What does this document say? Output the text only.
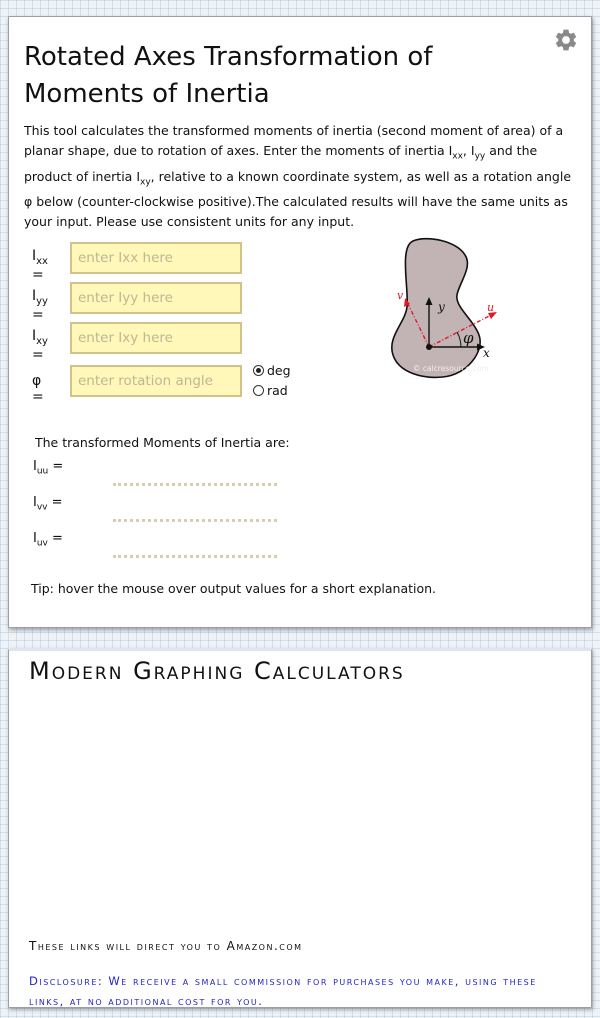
Rotated Axes Transformation of Moments of Inertia

This tool calculates the transformed moments of inertia (second moment of area) of a planar shape, due to rotation of axes. Enter the moments of inertia $I_{xx}$, $I_{yy}$ and the product of inertia $I_{xy}$, relative to a known coordinate system, as well as a rotation angle φ below (counter-clockwise positive).The calculated results will have the same units as your input. Please use consistent units for any input.

$I_{xx}$ =
enter Ixx here
$I_{yy}$ =
enter Iyy here
$I_{xy}$ =
enter Ixy here
φ =
enter rotation angle
deg
rad
v
y	u
φ
x
© calcresource.com
The transformed Moments of Inertia are:
$I_{uu}$ =
$I_{vv}$ =
$I_{uv}$ =
Tip: hover the mouse over output values for a short explanation.
Modern Graphing Calculators
These links will direct you to Amazon.com
Disclosure: We receive a small commission for purchases you make, using these links, at no additional cost for you.
